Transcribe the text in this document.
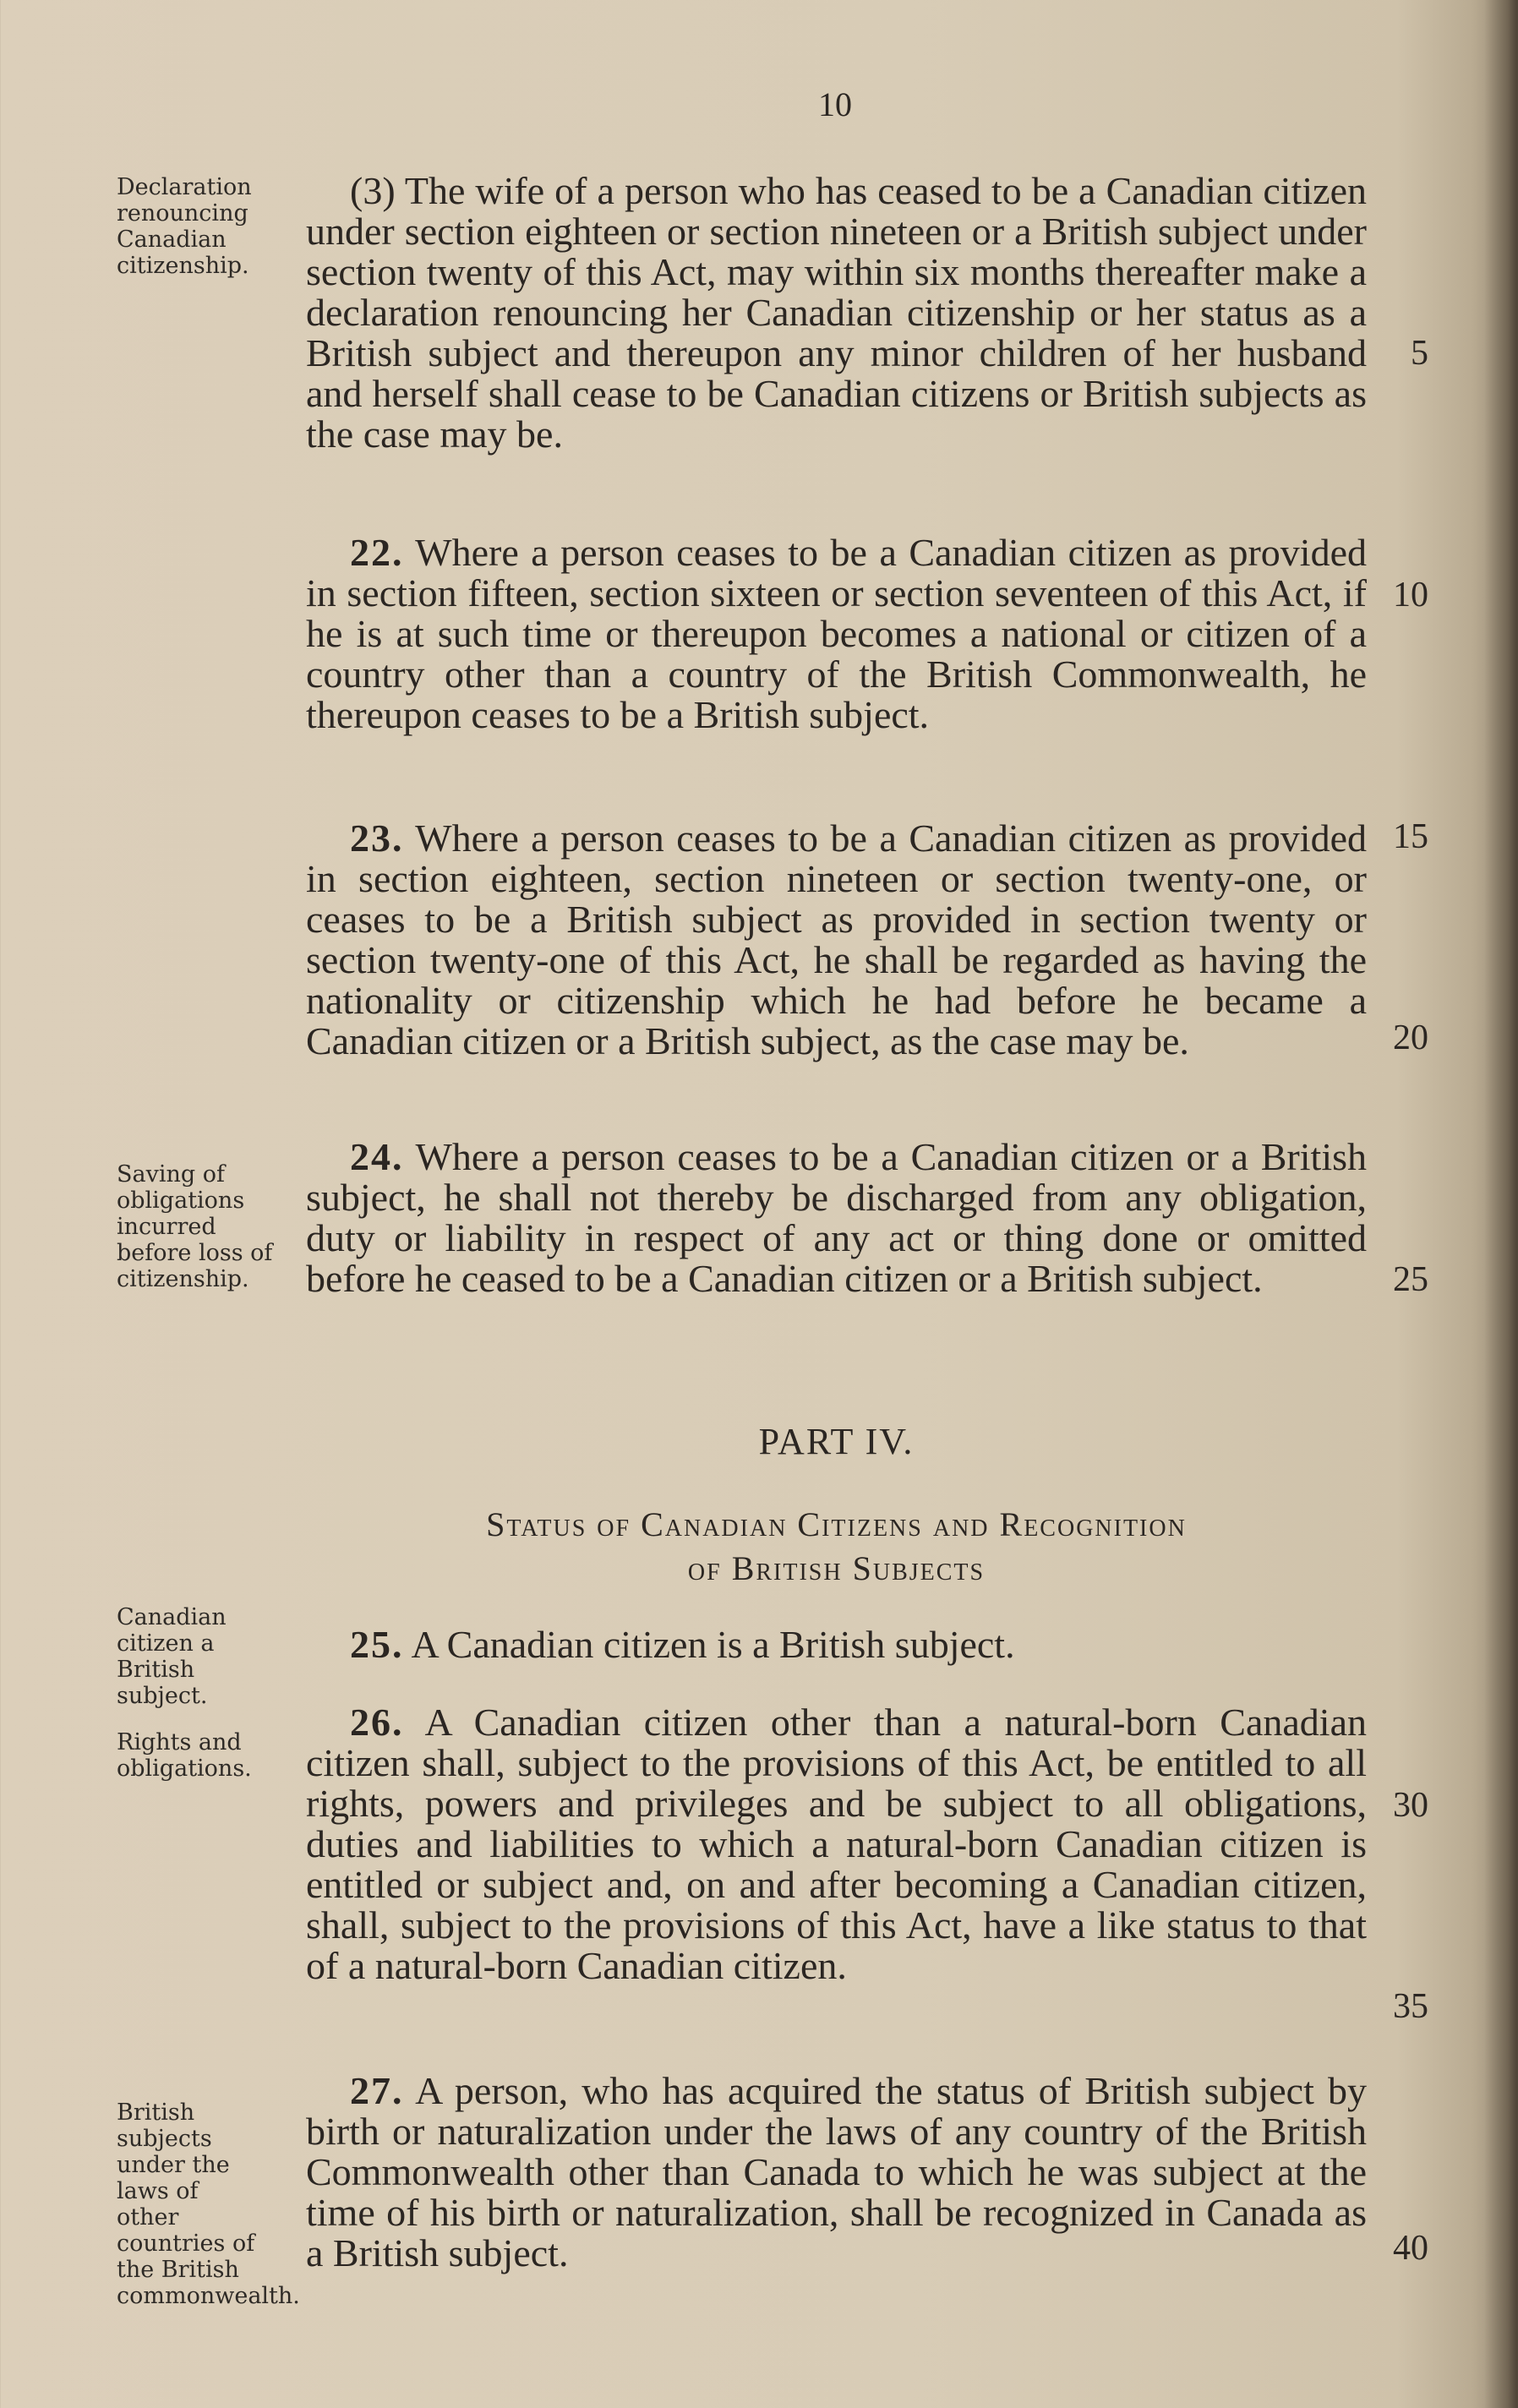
10
Declaration renouncing Canadian citizenship.
Saving of obligations incurred before loss of citizenship.
Canadian citizen a British subject.
Rights and obligations.
British subjects under the laws of other countries of the British commonwealth.

(3) The wife of a person who has ceased to be a Canadian citizen under section eighteen or section nineteen or a British subject under section twenty of this Act, may within six months thereafter make a declaration renouncing her Canadian citizenship or her status as a British subject and thereupon any minor children of her husband and herself shall cease to be Canadian citizens or British subjects as the case may be.

22. Where a person ceases to be a Canadian citizen as provided in section fifteen, section sixteen or section seventeen of this Act, if he is at such time or thereupon becomes a national or citizen of a country other than a country of the British Commonwealth, he thereupon ceases to be a British subject.

23. Where a person ceases to be a Canadian citizen as provided in section eighteen, section nineteen or section twenty-one, or ceases to be a British subject as provided in section twenty or section twenty-one of this Act, he shall be regarded as having the nationality or citizenship which he had before he became a Canadian citizen or a British subject, as the case may be.

24. Where a person ceases to be a Canadian citizen or a British subject, he shall not thereby be discharged from any obligation, duty or liability in respect of any act or thing done or omitted before he ceased to be a Canadian citizen or a British subject.

PART IV.
Status of Canadian Citizens and Recognition
of British Subjects

25. A Canadian citizen is a British subject.

26. A Canadian citizen other than a natural-born Canadian citizen shall, subject to the provisions of this Act, be entitled to all rights, powers and privileges and be subject to all obligations, duties and liabilities to which a natural-born Canadian citizen is entitled or subject and, on and after becoming a Canadian citizen, shall, subject to the provisions of this Act, have a like status to that of a natural-born Canadian citizen.

27. A person, who has acquired the status of British subject by birth or naturalization under the laws of any country of the British Commonwealth other than Canada to which he was subject at the time of his birth or naturalization, shall be recognized in Canada as a British subject.

5
10
15
20
25
30
35
40
